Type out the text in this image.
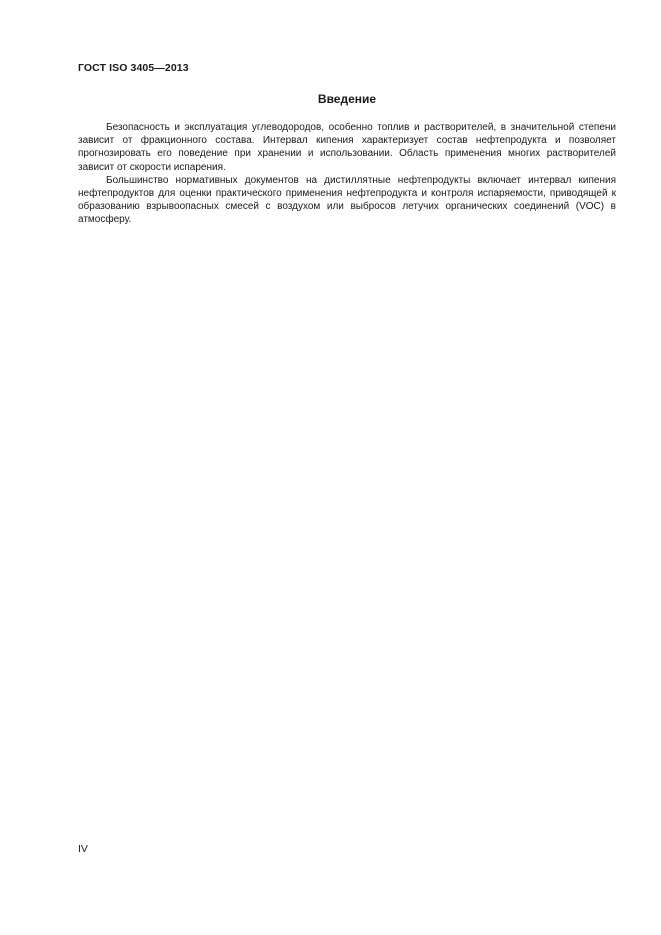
ГОСТ ISO 3405—2013
Введение

Безопасность и эксплуатация углеводородов, особенно топлив и растворителей, в значительной степени зависит от фракционного состава. Интервал кипения характеризует состав нефтепродукта и позволяет прогнозировать его поведение при хранении и использовании. Область применения многих растворителей зависит от скорости испарения.

Большинство нормативных документов на дистиллятные нефтепродукты включает интервал кипения нефтепродуктов для оценки практического применения нефтепродукта и контроля испаряемости, приводящей к образованию взрывоопасных смесей с воздухом или выбросов летучих органических соединений (VOC) в атмосферу.

IV
